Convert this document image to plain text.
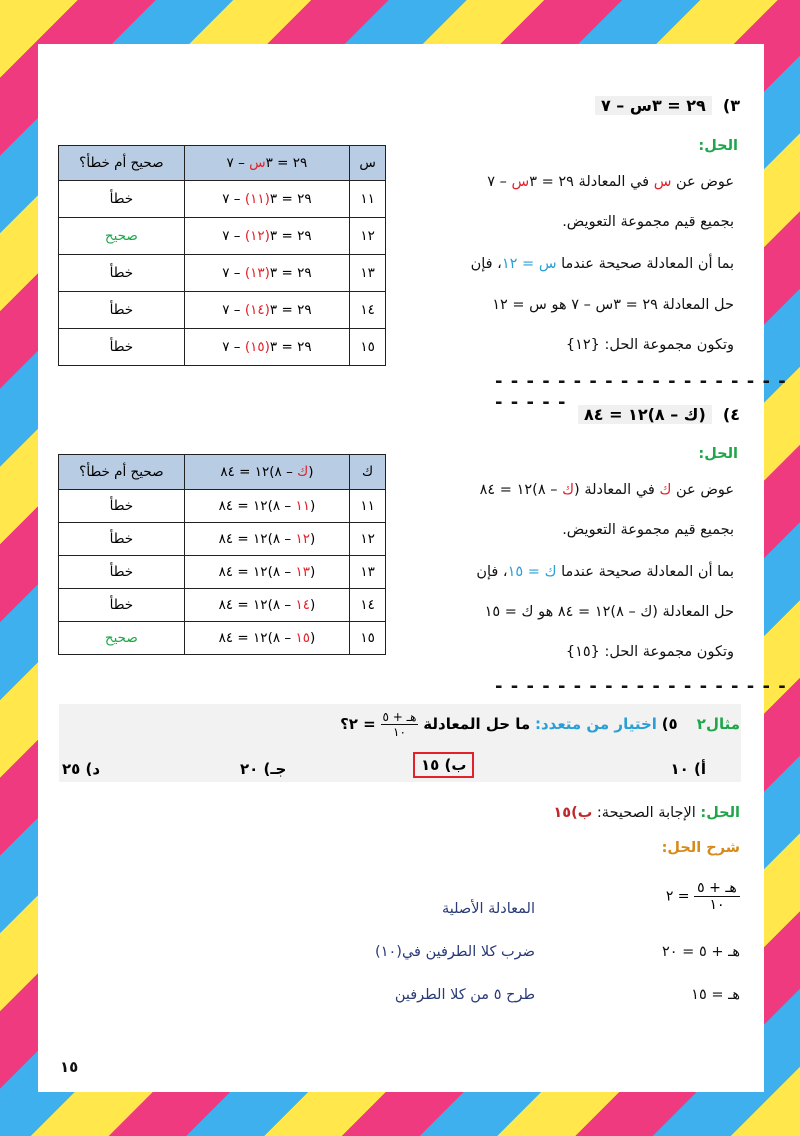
٣)  ٢٩ = ٣س – ٧
الحل:
عوض عن س في المعادلة ٢٩ = ٣س – ٧
بجميع قيم مجموعة التعويض.
بما أن المعادلة صحيحة عندما س = ١٢، فإن
حل المعادلة ٢٩ = ٣س – ٧ هو س = ١٢
وتكون مجموعة الحل: {١٢}
س	٢٩ = ٣س – ٧	صحيح أم خطأ؟
١١	٢٩ = ٣(١١) – ٧	خطأ
١٢	٢٩ = ٣(١٢) – ٧	صحيح
١٣	٢٩ = ٣(١٣) – ٧	خطأ
١٤	٢٩ = ٣(١٤) – ٧	خطأ
١٥	٢٩ = ٣(١٥) – ٧	خطأ
- - - - - - - - - - - - - - - - - - - - - - - -
٤)  (ك – ٨)١٢ = ٨٤
الحل:
عوض عن ك في المعادلة (ك – ٨)١٢ = ٨٤
بجميع قيم مجموعة التعويض.
بما أن المعادلة صحيحة عندما ك = ١٥، فإن
حل المعادلة (ك – ٨)١٢ = ٨٤ هو ك = ١٥
وتكون مجموعة الحل: {١٥}
ك	(ك – ٨)١٢ = ٨٤	صحيح أم خطأ؟
١١	(١١ – ٨)١٢ = ٨٤	خطأ
١٢	(١٢ – ٨)١٢ = ٨٤	خطأ
١٣	(١٣ – ٨)١٢ = ٨٤	خطأ
١٤	(١٤ – ٨)١٢ = ٨٤	خطأ
١٥	(١٥ – ٨)١٢ = ٨٤	صحيح
- - - - - - - - - - - - - - - - - - -
مثال٢    ٥) اختيار من متعدد: ما حل المعادلة
$\frac{\text{هـ + ٥}}{١٠}$
= ٢؟
أ) ١٠
ب) ١٥
جـ) ٢٠
د) ٢٥
الحل: الإجابة الصحيحة: ب)١٥
شرح الحل:
$\frac{\text{هـ + ٥}}{١٠}$
= ٢
المعادلة الأصلية
هـ + ٥ = ٢٠
ضرب كلا الطرفين في(١٠)
هـ = ١٥
طرح ٥ من كلا الطرفين
١٥
